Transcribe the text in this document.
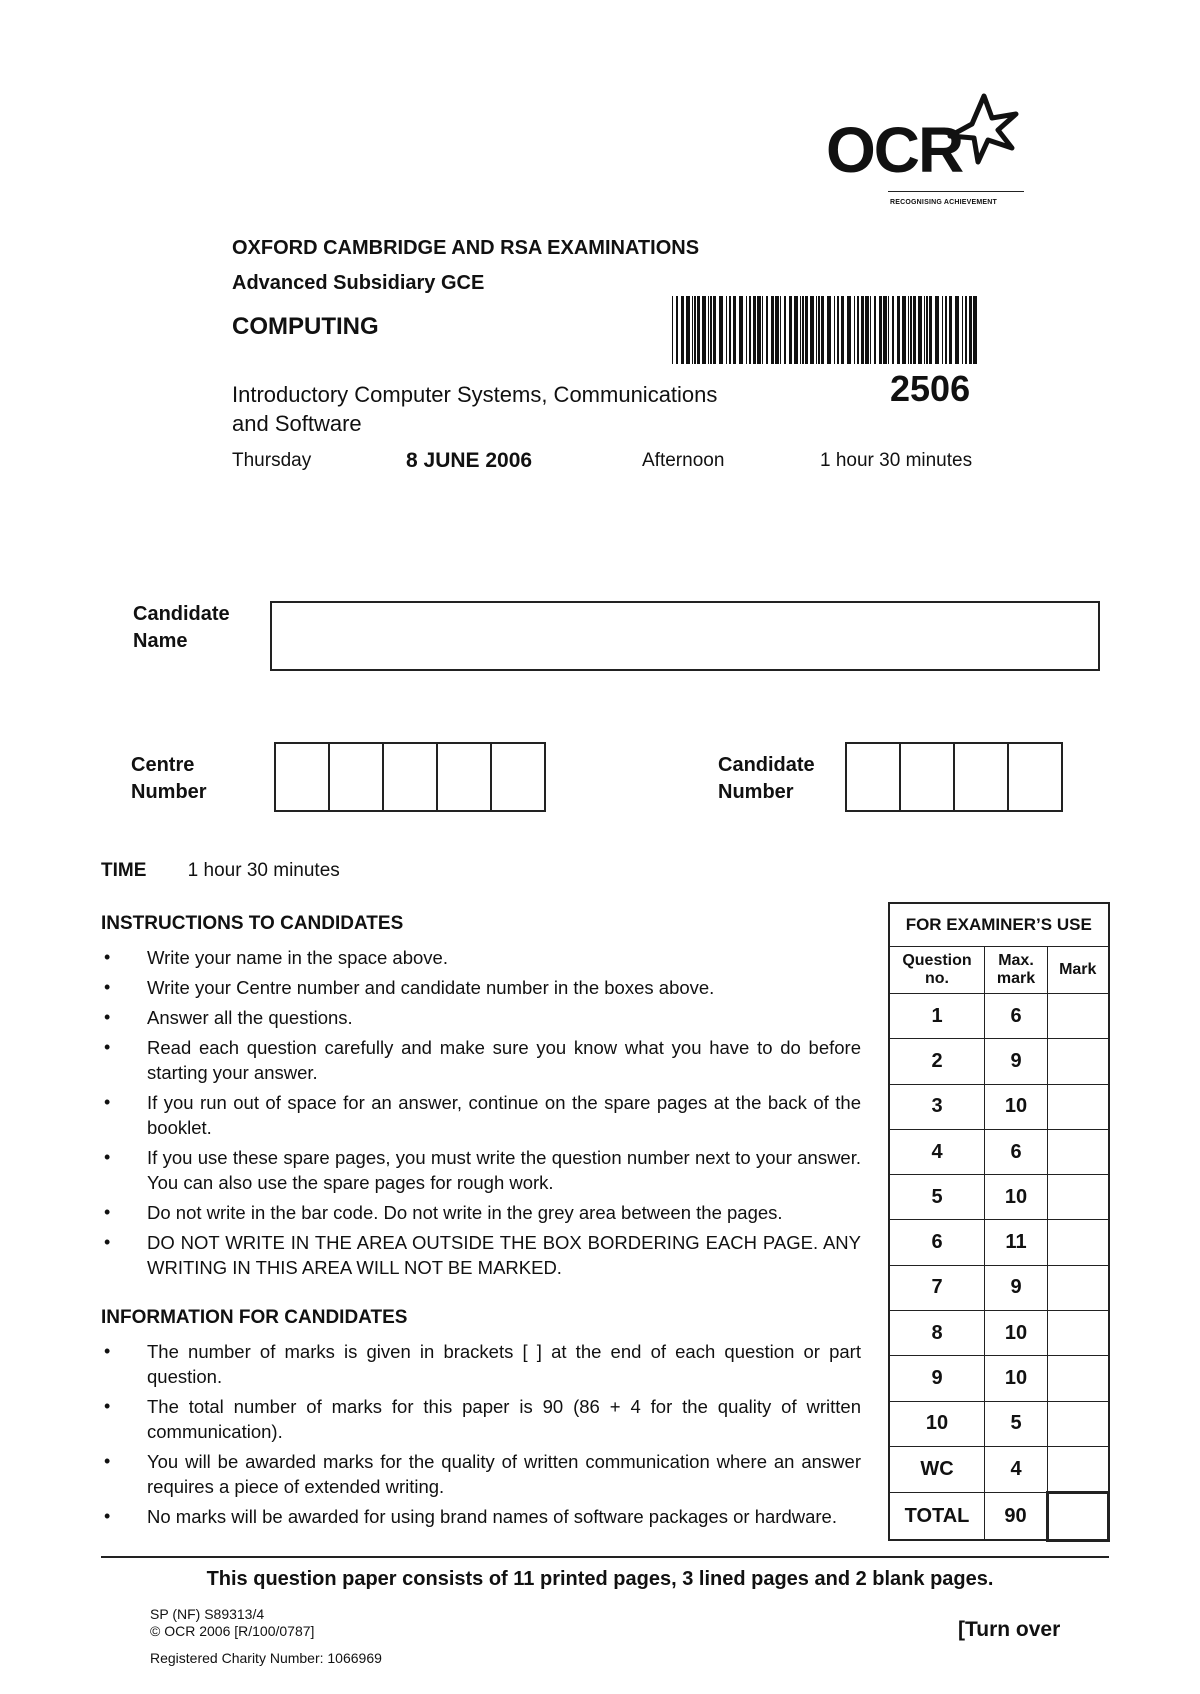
OCR
RECOGNISING ACHIEVEMENT
OXFORD CAMBRIDGE AND RSA EXAMINATIONS
Advanced Subsidiary GCE
COMPUTING
2506
Introductory Computer Systems, Communications
and Software
Thursday	8 JUNE 2006	Afternoon	1 hour 30 minutes
Candidate
Name
Centre
Number
Candidate
Number
TIME 1 hour 30 minutes
INSTRUCTIONS TO CANDIDATES
• Write your name in the space above.
• Write your Centre number and candidate number in the boxes above.
• Answer all the questions.
• Read each question carefully and make sure you know what you have to do before starting your answer.
• If you run out of space for an answer, continue on the spare pages at the back of the booklet.
• If you use these spare pages, you must write the question number next to your answer. You can also use the spare pages for rough work.
• Do not write in the bar code. Do not write in the grey area between the pages.
• DO NOT WRITE IN THE AREA OUTSIDE THE BOX BORDERING EACH PAGE. ANY WRITING IN THIS AREA WILL NOT BE MARKED.
INFORMATION FOR CANDIDATES
• The number of marks is given in brackets [ ] at the end of each question or part question.
• The total number of marks for this paper is 90 (86 + 4 for the quality of written communication).
• You will be awarded marks for the quality of written communication where an answer requires a piece of extended writing.
• No marks will be awarded for using brand names of software packages or hardware.
FOR EXAMINER’S USE		
Question no.	Max. mark	Mark
1	6	
2	9	
3	10	
4	6	
5	10	
6	11	
7	9	
8	10	
9	10	
10	5	
WC	4	
TOTAL	90	
This question paper consists of 11 printed pages, 3 lined pages and 2 blank pages.
SP (NF) S89313/4
© OCR 2006 [R/100/0787]
Registered Charity Number: 1066969
[Turn over
